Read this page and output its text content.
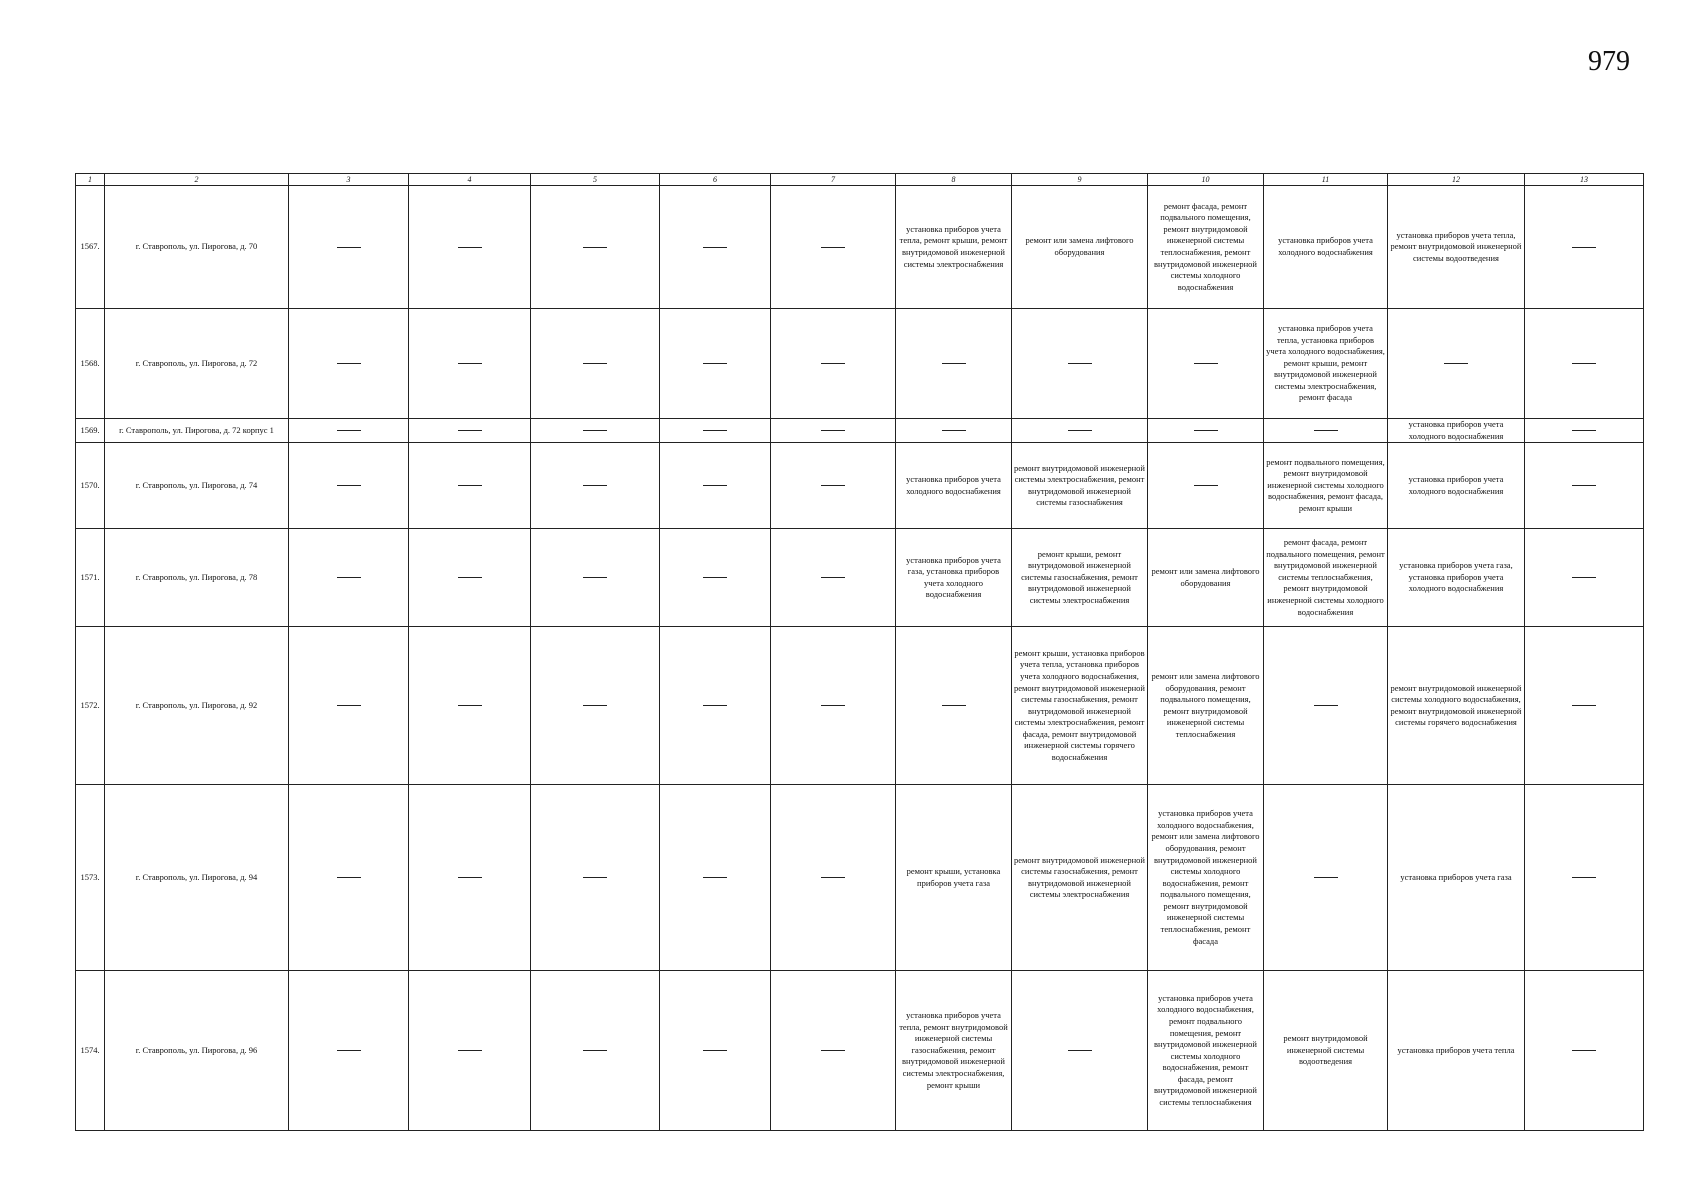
979
1	2	3	4	5	6	7	8	9	10	11	12	13
1567.	г. Ставрополь, ул. Пирогова, д. 70						установка приборов учета тепла, ремонт крыши, ремонт внутридомовой инженерной системы электроснабжения	ремонт или замена лифтового оборудования	ремонт фасада, ремонт подвального помещения, ремонт внутридомовой инженерной системы теплоснабжения, ремонт внутридомовой инженерной системы холодного водоснабжения	установка приборов учета холодного водоснабжения	установка приборов учета тепла, ремонт внутридомовой инженерной системы водоотведения	
1568.	г. Ставрополь, ул. Пирогова, д. 72									установка приборов учета тепла, установка приборов учета холодного водоснабжения, ремонт крыши, ремонт внутридомовой инженерной системы электроснабжения, ремонт фасада		
1569.	г. Ставрополь, ул. Пирогова, д. 72 корпус 1										установка приборов учета холодного водоснабжения	
1570.	г. Ставрополь, ул. Пирогова, д. 74						установка приборов учета холодного водоснабжения	ремонт внутридомовой инженерной системы электроснабжения, ремонт внутридомовой инженерной системы газоснабжения		ремонт подвального помещения, ремонт внутридомовой инженерной системы холодного водоснабжения, ремонт фасада, ремонт крыши	установка приборов учета холодного водоснабжения	
1571.	г. Ставрополь, ул. Пирогова, д. 78						установка приборов учета газа, установка приборов учета холодного водоснабжения	ремонт крыши, ремонт внутридомовой инженерной системы газоснабжения, ремонт внутридомовой инженерной системы электроснабжения	ремонт или замена лифтового оборудования	ремонт фасада, ремонт подвального помещения, ремонт внутридомовой инженерной системы теплоснабжения, ремонт внутридомовой инженерной системы холодного водоснабжения	установка приборов учета газа, установка приборов учета холодного водоснабжения	
1572.	г. Ставрополь, ул. Пирогова, д. 92							ремонт крыши, установка приборов учета тепла, установка приборов учета холодного водоснабжения, ремонт внутридомовой инженерной системы газоснабжения, ремонт внутридомовой инженерной системы электроснабжения, ремонт фасада, ремонт внутридомовой инженерной системы горячего водоснабжения	ремонт или замена лифтового оборудования, ремонт подвального помещения, ремонт внутридомовой инженерной системы теплоснабжения		ремонт внутридомовой инженерной системы холодного водоснабжения, ремонт внутридомовой инженерной системы горячего водоснабжения	
1573.	г. Ставрополь, ул. Пирогова, д. 94						ремонт крыши, установка приборов учета газа	ремонт внутридомовой инженерной системы газоснабжения, ремонт внутридомовой инженерной системы электроснабжения	установка приборов учета холодного водоснабжения, ремонт или замена лифтового оборудования, ремонт внутридомовой инженерной системы холодного водоснабжения, ремонт подвального помещения, ремонт внутридомовой инженерной системы теплоснабжения, ремонт фасада		установка приборов учета газа	
1574.	г. Ставрополь, ул. Пирогова, д. 96						установка приборов учета тепла, ремонт внутридомовой инженерной системы газоснабжения, ремонт внутридомовой инженерной системы электроснабжения, ремонт крыши		установка приборов учета холодного водоснабжения, ремонт подвального помещения, ремонт внутридомовой инженерной системы холодного водоснабжения, ремонт фасада, ремонт внутридомовой инженерной системы теплоснабжения	ремонт внутридомовой инженерной системы водоотведения	установка приборов учета тепла	
